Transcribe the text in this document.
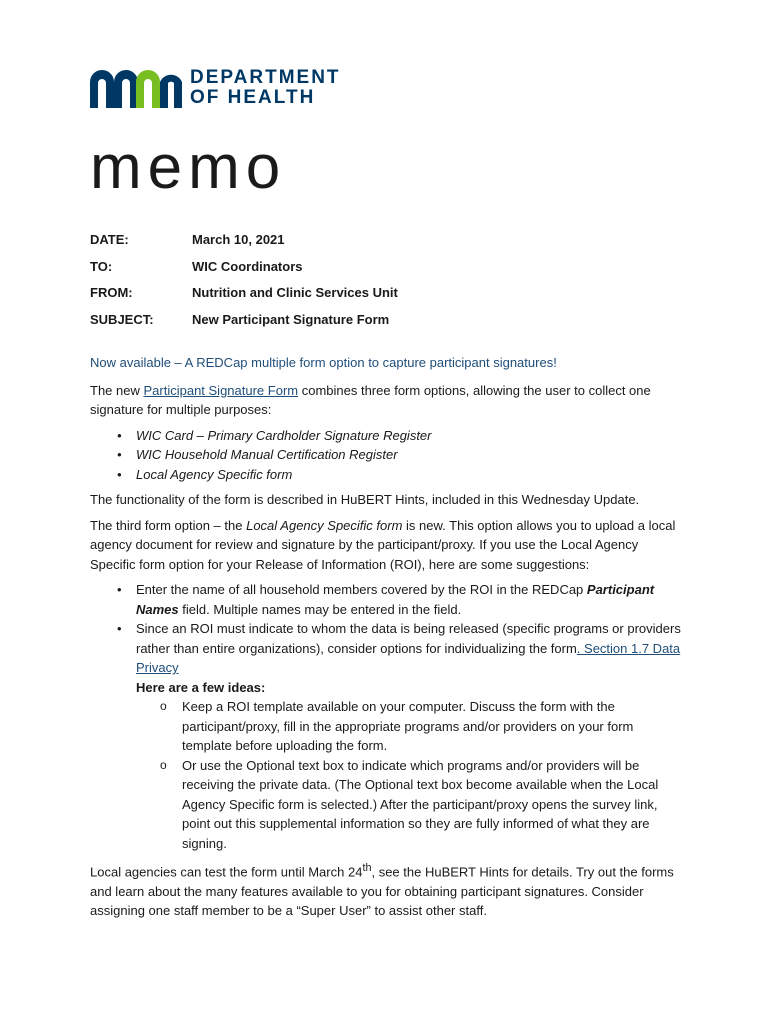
DEPARTMENT
OF HEALTH
memo
DATE:	March 10, 2021
TO:	WIC Coordinators
FROM:	Nutrition and Clinic Services Unit
SUBJECT:	New Participant Signature Form

Now available – A REDCap multiple form option to capture participant signatures!

The new Participant Signature Form combines three form options, allowing the user to collect one signature for multiple purposes:

• WIC Card – Primary Cardholder Signature Register
• WIC Household Manual Certification Register
• Local Agency Specific form

The functionality of the form is described in HuBERT Hints, included in this Wednesday Update.

The third form option – the Local Agency Specific form is new. This option allows you to upload a local agency document for review and signature by the participant/proxy. If you use the Local Agency Specific form option for your Release of Information (ROI), here are some suggestions:

• Enter the name of all household members covered by the ROI in the REDCap Participant Names field. Multiple names may be entered in the field.
• Since an ROI must indicate to whom the data is being released (specific programs or providers rather than entire organizations), consider options for individualizing the form. Section 1.7 Data Privacy
Here are a few ideas:
o Keep a ROI template available on your computer. Discuss the form with the participant/proxy, fill in the appropriate programs and/or providers on your form template before uploading the form.
o Or use the Optional text box to indicate which programs and/or providers will be receiving the private data. (The Optional text box become available when the Local Agency Specific form is selected.) After the participant/proxy opens the survey link, point out this supplemental information so they are fully informed of what they are signing.

Local agencies can test the form until March 24th, see the HuBERT Hints for details. Try out the forms and learn about the many features available to you for obtaining participant signatures. Consider assigning one staff member to be a “Super User” to assist other staff.
